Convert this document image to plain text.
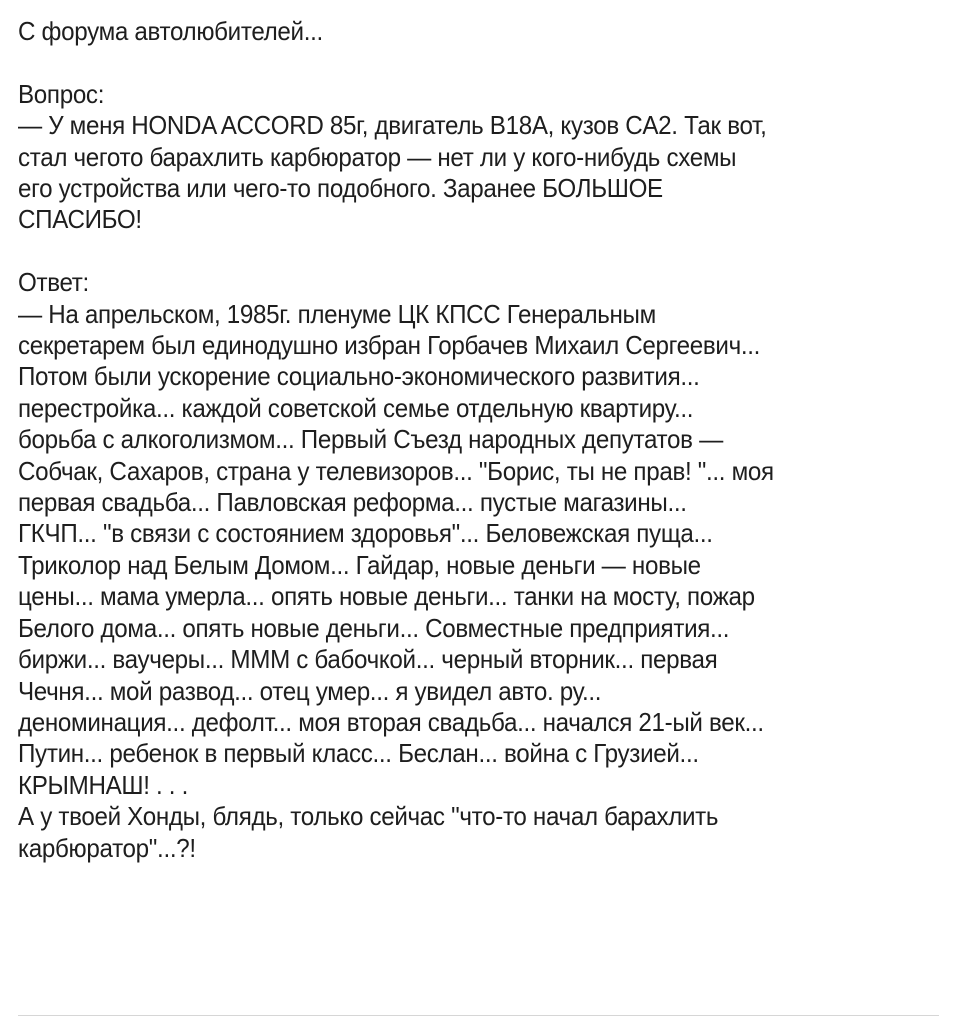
С форума автолюбителей...
Вопрос:
— У меня HONDA ACCORD 85г, двигатель B18A, кузов CA2. Так вот,
стал чегото барахлить карбюратор — нет ли у кого-нибудь схемы
его устройства или чего-то подобного. Заранее БОЛЬШОЕ
СПАСИБО!
Ответ:
— На апрельском, 1985г. пленуме ЦК КПСС Генеральным
секретарем был единодушно избран Горбачев Михаил Сергеевич...
Потом были ускорение социально-экономического развития...
перестройка... каждой советской семье отдельную квартиру...
борьба с алкоголизмом... Первый Съезд народных депутатов —
Собчак, Сахаров, страна у телевизоров... "Борис, ты не прав! "... моя
первая свадьба... Павловская реформа... пустые магазины...
ГКЧП... "в связи с состоянием здоровья"... Беловежская пуща...
Триколор над Белым Домом... Гайдар, новые деньги — новые
цены... мама умерла... опять новые деньги... танки на мосту, пожар
Белого дома... опять новые деньги... Совместные предприятия...
биржи... ваучеры... МММ с бабочкой... черный вторник... первая
Чечня... мой развод... отец умер... я увидел авто. ру...
деноминация... дефолт... моя вторая свадьба... начался 21-ый век...
Путин... ребенок в первый класс... Беслан... война с Грузией...
КРЫМНАШ! . . .
А у твоей Хонды, блядь, только сейчас "что-то начал барахлить
карбюратор"...?!
